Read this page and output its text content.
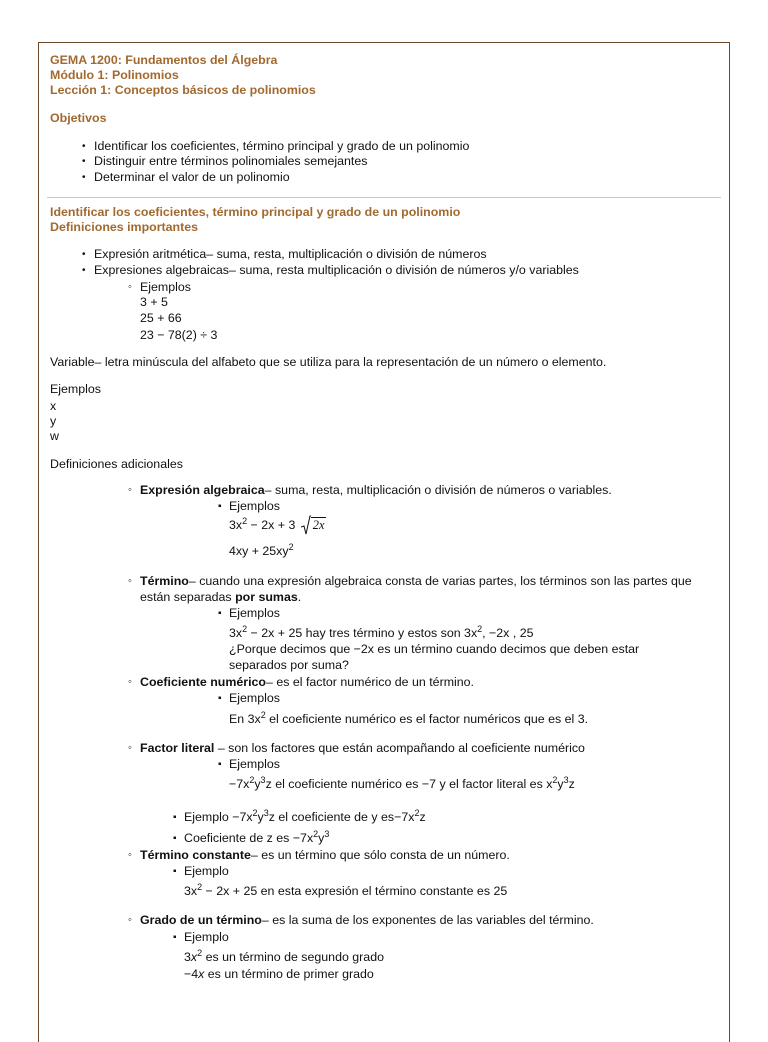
GEMA 1200: Fundamentos del Álgebra
Módulo 1: Polinomios
Lección 1: Conceptos básicos de polinomios
Objetivos
• Identificar los coeficientes, término principal y grado de un polinomio
• Distinguir entre términos polinomiales semejantes
• Determinar el valor de un polinomio
Identificar los coeficientes, término principal y grado de un polinomio
Definiciones importantes
• Expresión aritmética– suma, resta, multiplicación o división de números
• Expresiones algebraicas– suma, resta multiplicación o división de números y/o variables
◦ Ejemplos
3 + 5
25 + 66
23 − 78(2) ÷ 3
Variable– letra minúscula del alfabeto que se utiliza para la representación de un número o elemento.
Ejemplos
x
y
w
Definiciones adicionales
◦ Expresión algebraica– suma, resta, multiplicación o división de números o variables.
▪ Ejemplos
$3x^2 - 2x + 3$
2x
$4xy + 25xy^2$
◦ Término– cuando una expresión algebraica consta de varias partes, los términos son las partes que
están separadas por sumas.
▪ Ejemplos
$3x^2 - 2x + 25$ hay tres término y estos son $3x^2$, −2x , 25
¿Porque decimos que −2x es un término cuando decimos que deben estar
separados por suma?
◦ Coeficiente numérico– es el factor numérico de un término.
▪ Ejemplos
En $3x^2$ el coeficiente numérico es el factor numéricos que es el 3.
◦ Factor literal – son los factores que están acompañando al coeficiente numérico
▪ Ejemplos
$-7x^2y^3z$ el coeficiente numérico es −7 y el factor literal es $x^2y^3z$
▪ Ejemplo $-7x^2y^3z$ el coeficiente de y $es-7x^2z$
▪ Coeficiente de z es $-7x^2y^3$
◦ Término constante– es un término que sólo consta de un número.
▪ Ejemplo
$3x^2 - 2x + 25$ en esta expresión el término constante es 25
◦ Grado de un término– es la suma de los exponentes de las variables del término.
▪ Ejemplo
$3x^2$ es un término de segundo grado
−4x es un término de primer grado
